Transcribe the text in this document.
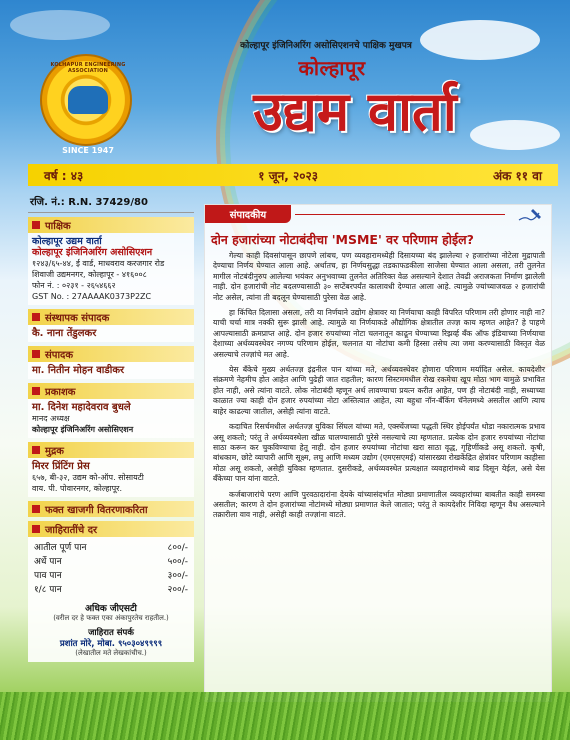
कोल्हापूर इंजिनिअरिंग असोसिएशनचे पाक्षिक मुखपत्र
KOLHAPUR ENGINEERING ASSOCIATION
SINCE 1947
कोल्हापूर
उद्यम वार्ता
वर्ष : ४३	१ जून, २०२३	अंक ११ वा
रजि. नं.: R.N. 37429/80
पाक्षिक
कोल्हापूर उद्यम वार्ता
कोल्हापूर इंजिनिअरिंग असोसिएशन
१२४३/६५-४४, ई वार्ड, माधवराव करजगार रोड
शिवाजी उद्यमनगर, कोल्हापूर - ४१६००८
फोन नं. : ०२३१ - २६५४६६२
GST No. : 27AAAAK0373P2ZC
संस्थापक संपादक
कै. नाना तेंडुलकर
संपादक
मा. नितीन मोहन वाडीकर
प्रकाशक
मा. दिनेश महादेवराव बुधले
मानद अध्यक्ष
कोल्हापूर इंजिनिअरिंग असोसिएशन
मुद्रक
मिरर प्रिंटिंग प्रेस
६५७, बी-३२, उद्यम को-ऑप. सोसायटी
वाय. पी. पोवारनगर, कोल्हापूर.
फक्त खाजगी वितरणाकरिता
जाहिरातींचे दर
आतील पूर्ण पान	८००/-
अर्धे पान	५००/-
पाव पान	३००/-
१/८ पान	२००/-
अधिक जीएसटी
(वरील दर हे फक्त एका अंकापुरतेच राहतील.)
जाहिरात संपर्क
प्रशांत मोरे, मोबा. ९५०३०४९९९९
(लेखातील मते लेखकांचीच.)
संपादकीय
दोन हजारांच्या नोटाबंदीचा 'MSME' वर परिणाम होईल?

गेल्या काही दिवसांपासून छापणे लांबच, पण व्यवहारामध्येही दिसायच्या बंद झालेल्या २ हजारांच्या नोटेला मुद्रापाती देण्याचा निर्णय घेण्यात आला आहे. अर्थातच, हा निर्णयसुद्धा तडकाफडकीला साजेसा घेण्यात आला असला, तरी तुलनेत मागील नोटबंदीनुरुप आलेल्या भयंकर अनुभवाच्या तुलनेत अतिरिक्त वेळ असल्याने देशात तेवढी अराजकता निर्माण झालेली नाही. दोन हजारांची नोट बदलण्यासाठी ३० सप्टेंबरपर्यंत कालावधी देण्यात आला आहे. त्यामुळे ज्यांच्याजवळ २ हजारांची नोट असेल, त्यांना ती बदलून घेण्यासाठी पुरेसा वेळ आहे.

हा किंचित दिलासा असला, तरी या निर्णयाने उद्योग क्षेत्रावर या निर्णयाचा काही विपरित परिणाम तरी होणार नाही ना? याची चर्चा मात्र नक्की सुरू झाली आहे. त्यामुळे या निर्णयाकडे औद्योगिक क्षेत्रातील तज्ज्ञ काय म्हणत आहेत? हे पाहणे आपल्यासाठी क्रमप्राप्त आहे. दोन हजार रुपयांच्या नोटा चलनातून काढून घेण्याच्या रिझर्व्ह बँक ऑफ इंडियाच्या निर्णयाचा देशाच्या अर्थव्यवस्थेवर नगण्य परिणाम होईल, चलनात या नोटांचा कमी हिस्सा तसेच त्या जमा करण्यासाठी विस्तृत वेळ असल्याचे तज्ज्ञांचे मत आहे.

येस बँकेचे मुख्य अर्थतज्ज्ञ इंद्रनील पान यांच्या मते, अर्थव्यवस्थेवर होणारा परिणाम मर्यादित असेल. कायदेशीर संक्रमणे नेहमीच होत आहेत आणि पुढेही जात राहतील; कारण सिस्टममधील रोख रकमेचा खूप मोठा भाग यामुळे प्रभावित होत नाही, असे त्यांना वाटते. लोक नोटाबंदी म्हणून अर्थ लावण्याचा प्रयत्न करीत आहेत, पण ही नोटाबंदी नाही, सध्याच्या काळात ज्या काही दोन हजार रुपयांच्या नोटा अस्तित्वात आहेत, त्या बहुधा नॉन-बँकिंग चॅनेलमध्ये असतील आणि त्याच बाहेर काढल्या जातील, असेही त्यांना वाटते.

कदाचित रिसर्चमधील अर्थतज्ज्ञ युविका सिंघल यांच्या मते, एक्स्चेंजच्या पद्धती स्थिर होईपर्यंत थोडा नकारात्मक प्रभाव असू शकतो; परंतु ते अर्थव्यवस्थेला खीळ घालण्यासाठी पुरेसे नसल्याचे त्या म्हणतात. प्रत्येक दोन हजार रुपयांच्या नोटांचा साठा करून कर चुकविण्याचा हेतू नाही. दोन हजार रुपयांच्या नोटांचा खरा साठा वृद्ध, गृहिणींकडे असू शकतो. कृषी, बांधकाम, छोटे व्यापारी आणि सूक्ष्म, लघु आणि मध्यम उद्योग (एमएसएमई) यांसारख्या रोखकेंद्रित क्षेत्रांवर परिणाम काहीसा मोठा असू शकतो, असेही युविका म्हणतात. दुसरीकडे, अर्थव्यवस्थेत प्रत्यक्षात व्यवहारांमध्ये बाढ दिसून येईल, असे येस बँकेच्या पान यांना वाटते.

कर्जबाजारांचे परण आणि पुरवठादारांना देयके यांच्यासंदर्भात मोठ्या प्रमाणातील व्यवहारांच्या बाबतीत काही समस्या असतील; कारण ते दोन हजारांच्या नोटांमध्ये मोठ्या प्रमाणात केले जातात; परंतु ते कायदेशीर निविदा म्हणून वैध असल्याने तक्रारीला वाव नाही, असेही काही तज्ज्ञांना वाटते.
